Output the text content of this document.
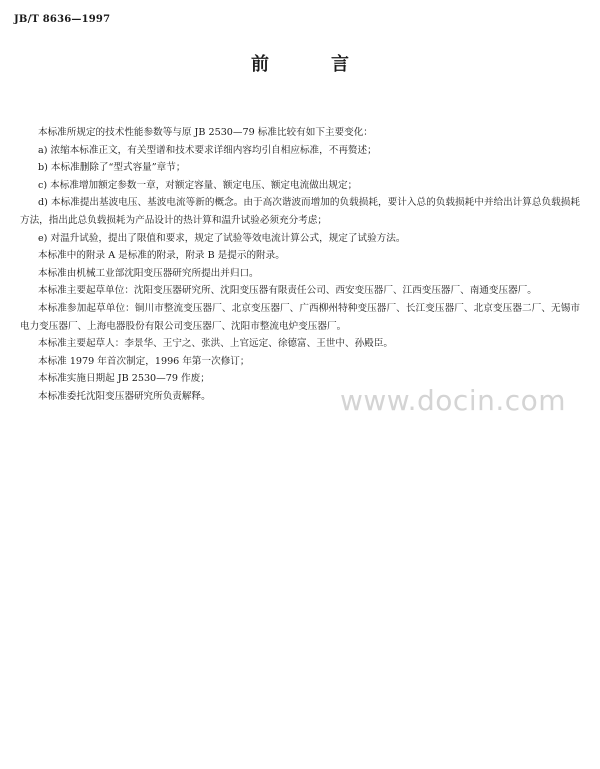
JB/T 8636—1997
前　言

本标准所规定的技术性能参数等与原 JB 2530—79 标准比较有如下主要变化：

a) 浓缩本标准正文，有关型谱和技术要求详细内容均引自相应标准，不再赘述；

b) 本标准删除了“型式容量”章节；

c) 本标准增加额定参数一章，对额定容量、额定电压、额定电流做出规定；

d) 本标准提出基波电压、基波电流等新的概念。由于高次谐波而增加的负载损耗，要计入总的负载损耗中并给出计算总负载损耗方法，指出此总负载损耗为产品设计的热计算和温升试验必须充分考虑；

e) 对温升试验，提出了限值和要求，规定了试验等效电流计算公式，规定了试验方法。

本标准中的附录 A 是标准的附录，附录 B 是提示的附录。

本标准由机械工业部沈阳变压器研究所提出并归口。

本标准主要起草单位：沈阳变压器研究所、沈阳变压器有限责任公司、西安变压器厂、江西变压器厂、南通变压器厂。

本标准参加起草单位：铜川市整流变压器厂、北京变压器厂、广西柳州特种变压器厂、长江变压器厂、北京变压器二厂、无锡市电力变压器厂、上海电器股份有限公司变压器厂、沈阳市整流电炉变压器厂。

本标准主要起草人：李景华、王宁之、张洪、上官远定、徐德富、王世中、孙殿臣。

本标准 1979 年首次制定，1996 年第一次修订；

本标准实施日期起 JB 2530—79 作废；

本标准委托沈阳变压器研究所负责解释。	www.docin.com
